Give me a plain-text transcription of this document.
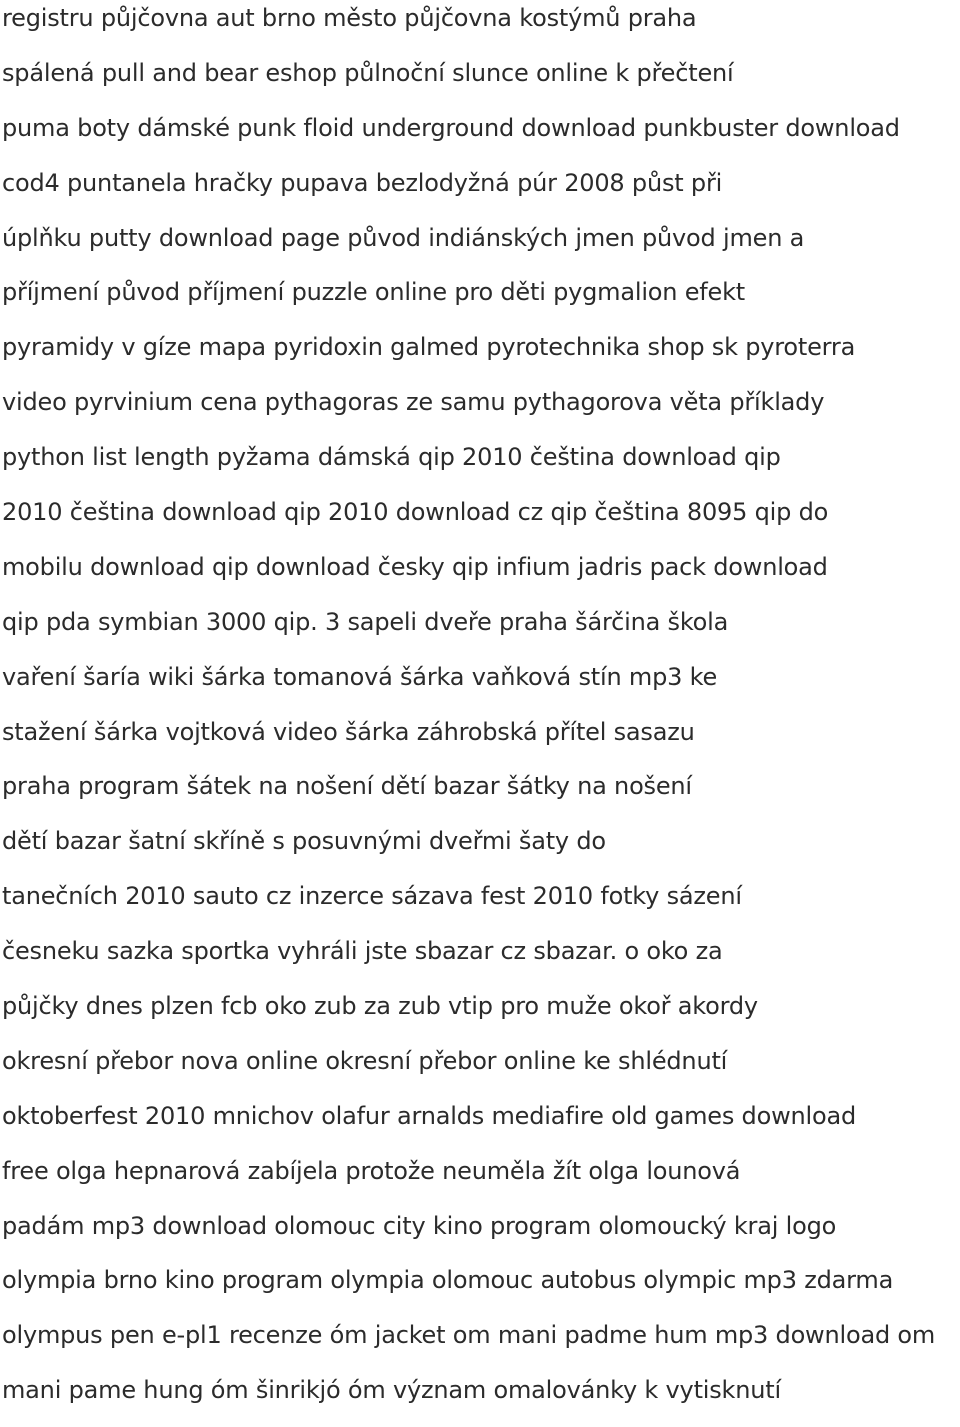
registru půjčovna aut brno město půjčovna kostýmů praha
spálená pull and bear eshop půlnoční slunce online k přečtení
puma boty dámské punk floid underground download punkbuster download
cod4 puntanela hračky pupava bezlodyžná púr 2008 půst při
úplňku putty download page původ indiánských jmen původ jmen a
příjmení původ příjmení puzzle online pro děti pygmalion efekt
pyramidy v gíze mapa pyridoxin galmed pyrotechnika shop sk pyroterra
video pyrvinium cena pythagoras ze samu pythagorova věta příklady
python list length pyžama dámská qip 2010 čeština download qip
2010 čeština download qip 2010 download cz qip čeština 8095 qip do
mobilu download qip download česky qip infium jadris pack download
qip pda symbian 3000 qip. 3 sapeli dveře praha šárčina škola
vaření šaría wiki šárka tomanová šárka vaňková stín mp3 ke
stažení šárka vojtková video šárka záhrobská přítel sasazu
praha program šátek na nošení dětí bazar šátky na nošení
dětí bazar šatní skříně s posuvnými dveřmi šaty do
tanečních 2010 sauto cz inzerce sázava fest 2010 fotky sázení
česneku sazka sportka vyhráli jste sbazar cz sbazar. o oko za
půjčky dnes plzen fcb oko zub za zub vtip pro muže okoř akordy
okresní přebor nova online okresní přebor online ke shlédnutí
oktoberfest 2010 mnichov olafur arnalds mediafire old games download
free olga hepnarová zabíjela protože neuměla žít olga lounová
padám mp3 download olomouc city kino program olomoucký kraj logo
olympia brno kino program olympia olomouc autobus olympic mp3 zdarma
olympus pen e-pl1 recenze óm jacket om mani padme hum mp3 download om
mani pame hung óm šinrikjó óm význam omalovánky k vytisknutí
